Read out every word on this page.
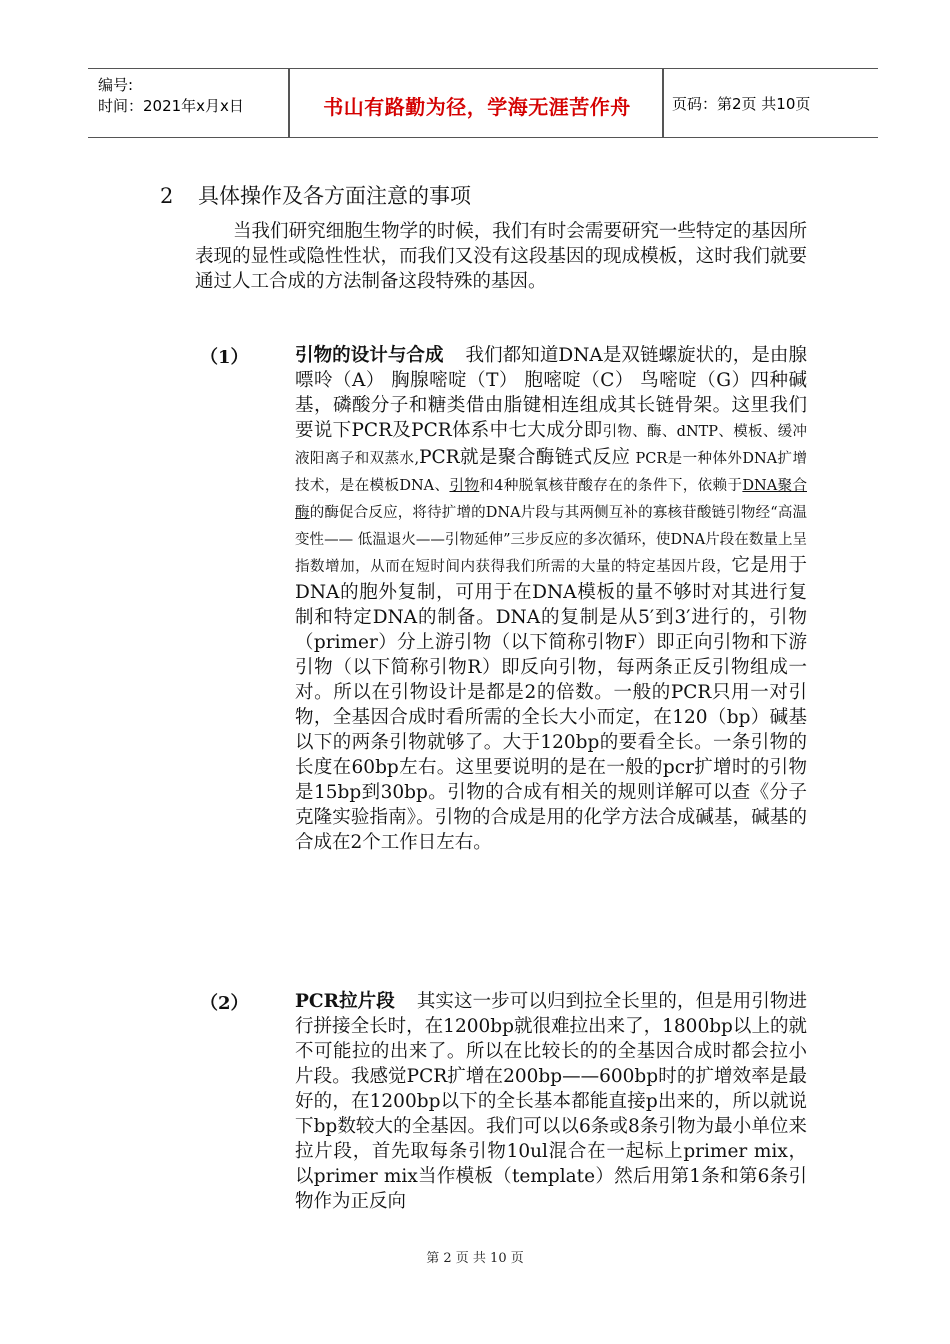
编号:
时间：2021年x月x日	书山有路勤为径，学海无涯苦作舟	页码：第2页 共10页
2 具体操作及各方面注意的事项
当我们研究细胞生物学的时候，我们有时会需要研究一些特定的基因所表现的显性或隐性性状，而我们又没有这段基因的现成模板，这时我们就要通过人工合成的方法制备这段特殊的基因。
（1）	引物的设计与合成 我们都知道DNA是双链螺旋状的，是由腺嘌呤（A） 胸腺嘧啶（T） 胞嘧啶（C） 鸟嘧啶（G）四种碱基，磷酸分子和糖类借由脂键相连组成其长链骨架。这里我们要说下PCR及PCR体系中七大成分即引物、酶、dNTP、模板、缓冲液阳离子和双蒸水,PCR就是聚合酶链式反应 PCR是一种体外DNA扩增技术，是在模板DNA、引物和4种脱氧核苷酸存在的条件下，依赖于DNA聚合酶的酶促合反应，将待扩增的DNA片段与其两侧互补的寡核苷酸链引物经“高温变性—— 低温退火——引物延伸”三步反应的多次循环，使DNA片段在数量上呈指数增加，从而在短时间内获得我们所需的大量的特定基因片段，它是用于DNA的胞外复制，可用于在DNA模板的量不够时对其进行复制和特定DNA的制备。DNA的复制是从5′到3′进行的，引物（primer）分上游引物（以下简称引物F）即正向引物和下游引物（以下简称引物R）即反向引物，每两条正反引物组成一对。所以在引物设计是都是2的倍数。一般的PCR只用一对引物，全基因合成时看所需的全长大小而定，在120（bp）碱基以下的两条引物就够了。大于120bp的要看全长。一条引物的长度在60bp左右。这里要说明的是在一般的pcr扩增时的引物是15bp到30bp。引物的合成有相关的规则详解可以查《分子克隆实验指南》。引物的合成是用的化学方法合成碱基，碱基的合成在2个工作日左右。
（2）	PCR拉片段 其实这一步可以归到拉全长里的，但是用引物进行拼接全长时，在1200bp就很难拉出来了，1800bp以上的就不可能拉的出来了。所以在比较长的的全基因合成时都会拉小片段。我感觉PCR扩增在200bp——600bp时的扩增效率是最好的，在1200bp以下的全长基本都能直接p出来的，所以就说下bp数较大的全基因。我们可以以6条或8条引物为最小单位来拉片段，首先取每条引物10ul混合在一起标上primer mix，以primer mix当作模板（template）然后用第1条和第6条引物作为正反向
第 2 页 共 10 页
